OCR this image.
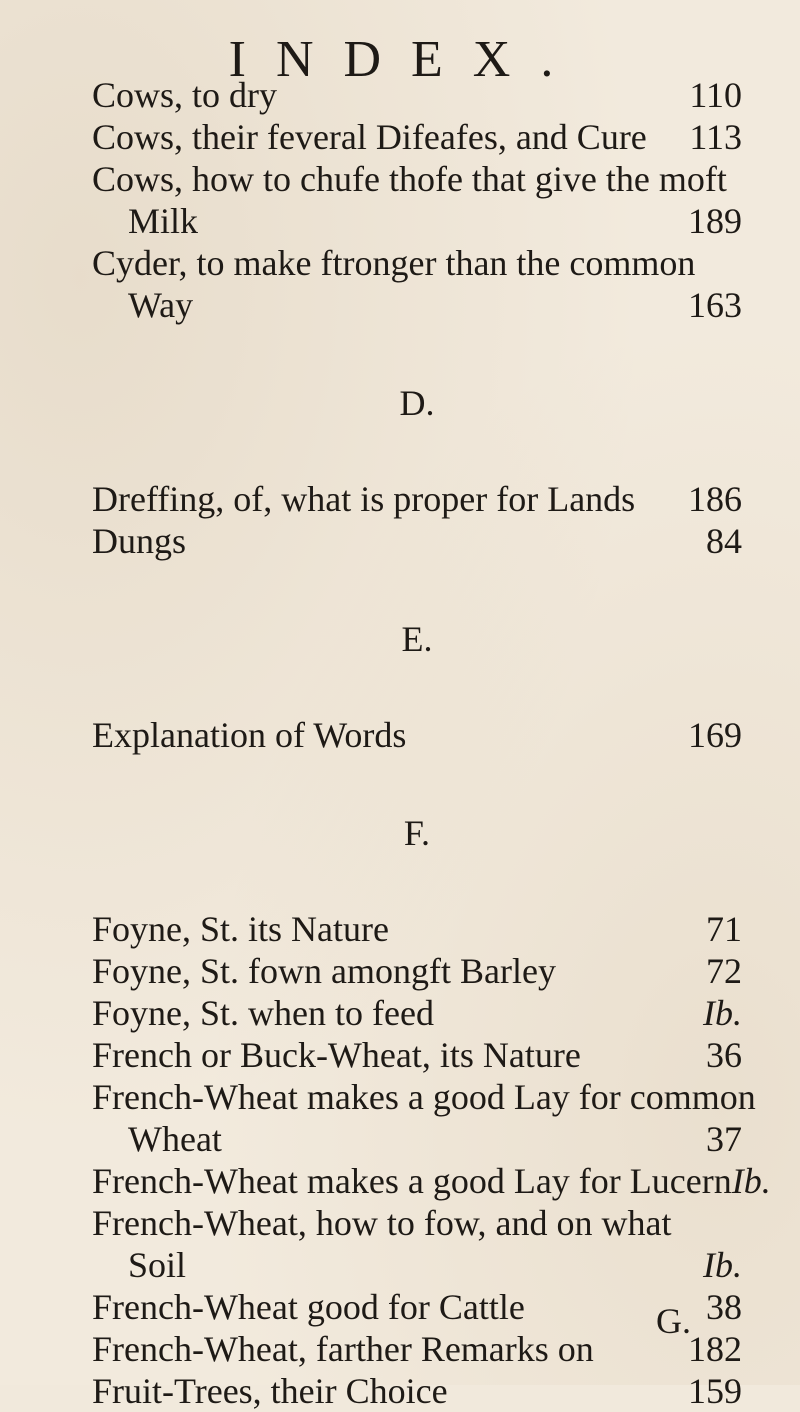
INDEX.
Cows, to dry	110
Cows, their feveral Difeafes, and Cure 113
Cows, how to chufe thofe that give the moft
Milk	189
Cyder, to make ftronger than the common
Way	163
D.
Dreffing, of, what is proper for Lands 186
Dungs	84
E.
Explanation of Words	169
F.
Foyne, St. its Nature	71
Foyne, St. fown amongft Barley	72
Foyne, St. when to feed	Ib.
French or Buck-Wheat, its Nature	36
French-Wheat makes a good Lay for common
Wheat	37
French-Wheat makes a good Lay for Lucern Ib.
French-Wheat, how to fow, and on what
Soil	Ib.
French-Wheat good for Cattle	38
French-Wheat, farther Remarks on	182
Fruit-Trees, their Choice	159
G.
